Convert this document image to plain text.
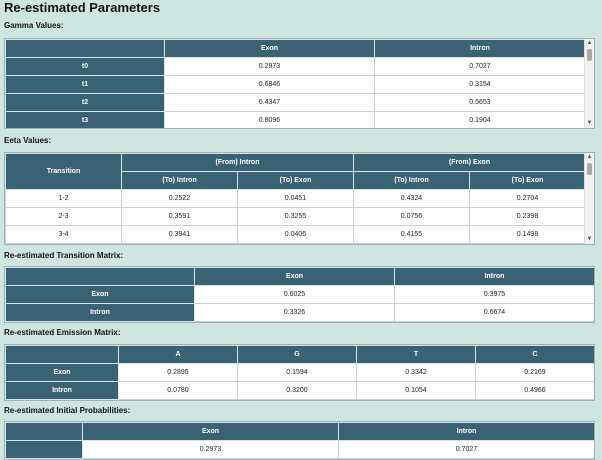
Re-estimated Parameters
Gamma Values:
	Exon	Intron
t0	0.2973	0.7027
t1	0.6846	0.3154
t2	0.4347	0.5653
t3	0.8096	0.1904
▲
▼
Eeta Values:
Transition	(From) Intron		(From) Exon	
	(To) Intron	(To) Exon	(To) Intron	(To) Exon
1-2	0.2522	0.0451	0.4324	0.2704
2-3	0.3591	0.3255	0.0756	0.2398
3-4	0.3941	0.0406	0.4155	0.1498
▲
▼
Re-estimated Transition Matrix:
	Exon	Intron
Exon	0.6025	0.3975
Intron	0.3326	0.6674
Re-estimated Emission Matrix:
	A	G	T	C
Exon	0.2895	0.1594	0.3342	0.2169
Intron	0.0780	0.3200	0.1054	0.4966
Re-estimated Initial Probabilities:
	Exon	Intron
	0.2973	0.7027
